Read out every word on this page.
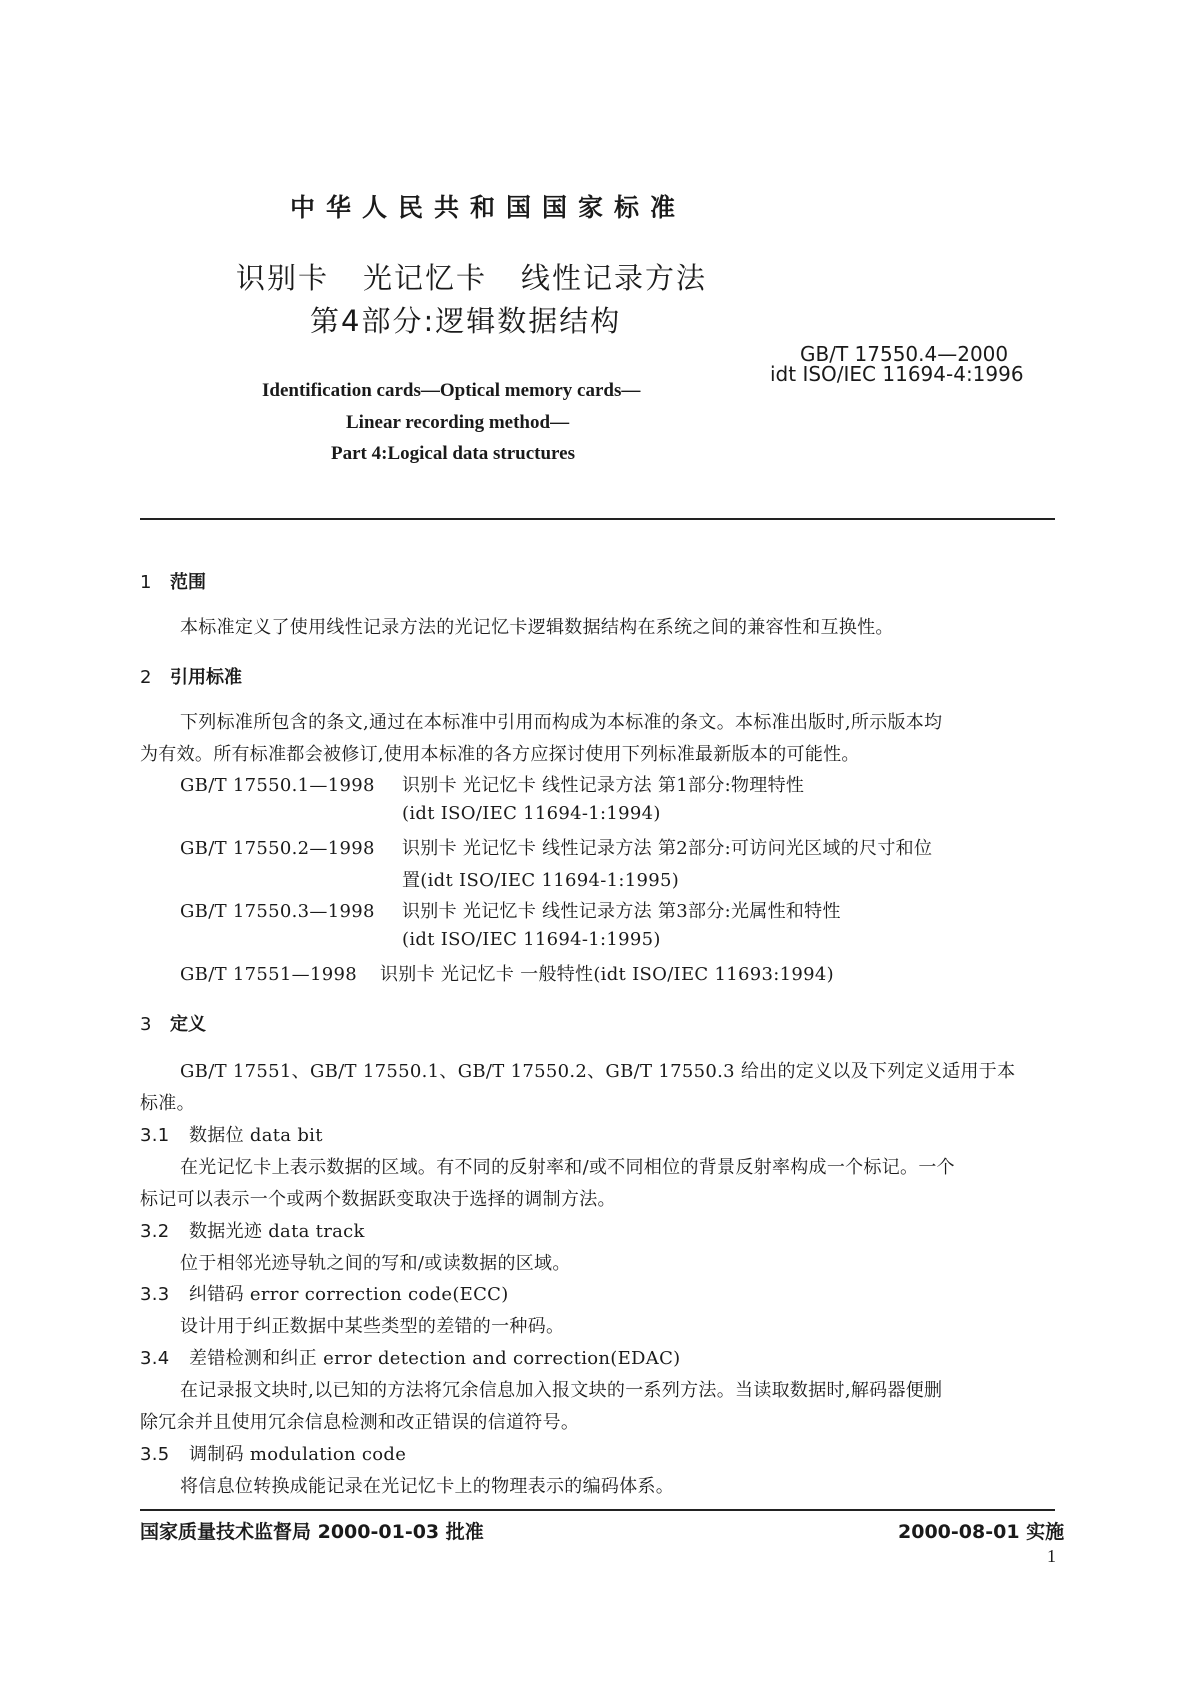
中华人民共和国国家标准
识别卡 光记忆卡 线性记录方法
第4部分:逻辑数据结构
GB/T 17550.4—2000
idt ISO/IEC 11694-4:1996
Identification cards—Optical memory cards—
Linear recording method—
Part 4:Logical data structures
1 范围
本标准定义了使用线性记录方法的光记忆卡逻辑数据结构在系统之间的兼容性和互换性。
2 引用标准
下列标准所包含的条文,通过在本标准中引用而构成为本标准的条文。本标准出版时,所示版本均
为有效。所有标准都会被修订,使用本标准的各方应探讨使用下列标准最新版本的可能性。
GB/T 17550.1—1998 识别卡 光记忆卡 线性记录方法 第1部分:物理特性
(idt ISO/IEC 11694-1:1994)
GB/T 17550.2—1998 识别卡 光记忆卡 线性记录方法 第2部分:可访问光区域的尺寸和位
置(idt ISO/IEC 11694-1:1995)
GB/T 17550.3—1998 识别卡 光记忆卡 线性记录方法 第3部分:光属性和特性
(idt ISO/IEC 11694-1:1995)
GB/T 17551—1998 识别卡 光记忆卡 一般特性(idt ISO/IEC 11693:1994)
3 定义
GB/T 17551、GB/T 17550.1、GB/T 17550.2、GB/T 17550.3 给出的定义以及下列定义适用于本
标准。
3.1 数据位 data bit
在光记忆卡上表示数据的区域。有不同的反射率和/或不同相位的背景反射率构成一个标记。一个
标记可以表示一个或两个数据跃变取决于选择的调制方法。
3.2 数据光迹 data track
位于相邻光迹导轨之间的写和/或读数据的区域。
3.3 纠错码 error correction code(ECC)
设计用于纠正数据中某些类型的差错的一种码。
3.4 差错检测和纠正 error detection and correction(EDAC)
在记录报文块时,以已知的方法将冗余信息加入报文块的一系列方法。当读取数据时,解码器便删
除冗余并且使用冗余信息检测和改正错误的信道符号。
3.5 调制码 modulation code
将信息位转换成能记录在光记忆卡上的物理表示的编码体系。
国家质量技术监督局 2000-01-03 批准	2000-08-01 实施
1
